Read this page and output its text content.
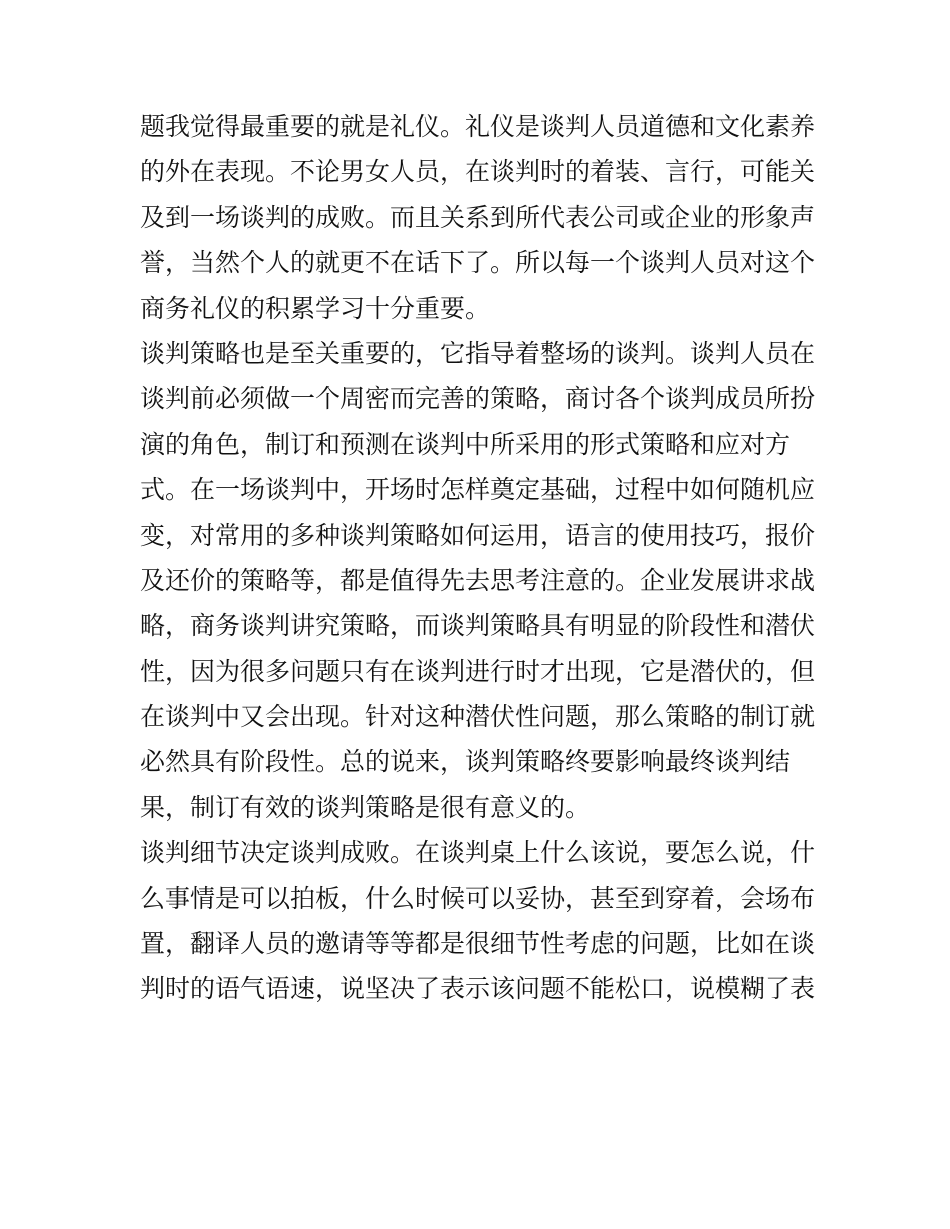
题我觉得最重要的就是礼仪。礼仪是谈判人员道德和文化素养
的外在表现。不论男女人员，在谈判时的着装、言行，可能关
及到一场谈判的成败。而且关系到所代表公司或企业的形象声
誉，当然个人的就更不在话下了。所以每一个谈判人员对这个
商务礼仪的积累学习十分重要。
谈判策略也是至关重要的，它指导着整场的谈判。谈判人员在
谈判前必须做一个周密而完善的策略，商讨各个谈判成员所扮
演的角色，制订和预测在谈判中所采用的形式策略和应对方
式。在一场谈判中，开场时怎样奠定基础，过程中如何随机应
变，对常用的多种谈判策略如何运用，语言的使用技巧，报价
及还价的策略等，都是值得先去思考注意的。企业发展讲求战
略，商务谈判讲究策略，而谈判策略具有明显的阶段性和潜伏
性，因为很多问题只有在谈判进行时才出现，它是潜伏的，但
在谈判中又会出现。针对这种潜伏性问题，那么策略的制订就
必然具有阶段性。总的说来，谈判策略终要影响最终谈判结
果，制订有效的谈判策略是很有意义的。
谈判细节决定谈判成败。在谈判桌上什么该说，要怎么说，什
么事情是可以拍板，什么时候可以妥协，甚至到穿着，会场布
置，翻译人员的邀请等等都是很细节性考虑的问题，比如在谈
判时的语气语速，说坚决了表示该问题不能松口，说模糊了表
